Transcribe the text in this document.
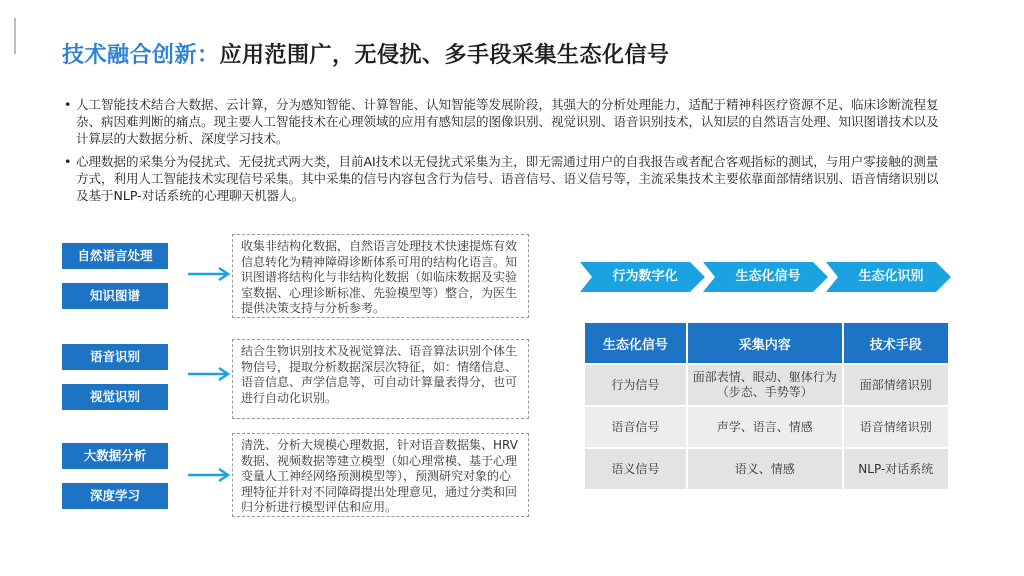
技术融合创新：应用范围广，无侵扰、多手段采集生态化信号
• 人工智能技术结合大数据、云计算，分为感知智能、计算智能、认知智能等发展阶段，其强大的分析处理能力，适配于精神科医疗资源不足、临床诊断流程复杂、病因难判断的痛点。现主要人工智能技术在心理领域的应用有感知层的图像识别、视觉识别、语音识别技术，认知层的自然语言处理、知识图谱技术以及计算层的大数据分析、深度学习技术。
• 心理数据的采集分为侵扰式、无侵扰式两大类，目前AI技术以无侵扰式采集为主，即无需通过用户的自我报告或者配合客观指标的测试，与用户零接触的测量方式，利用人工智能技术实现信号采集。其中采集的信号内容包含行为信号、语音信号、语义信号等，主流采集技术主要依靠面部情绪识别、语音情绪识别以及基于NLP-对话系统的心理聊天机器人。
自然语言处理
知识图谱
语音识别
视觉识别
大数据分析
深度学习
收集非结构化数据，自然语言处理技术快速提炼有效信息转化为精神障碍诊断体系可用的结构化语言。知识图谱将结构化与非结构化数据（如临床数据及实验室数据、心理诊断标准、先验模型等）整合，为医生提供决策支持与分析参考。
结合生物识别技术及视觉算法、语音算法识别个体生物信号，提取分析数据深层次特征，如：情绪信息、语音信息、声学信息等，可自动计算量表得分，也可进行自动化识别。
清洗、分析大规模心理数据，针对语音数据集、HRV数据、视频数据等建立模型（如心理常模、基于心理变量人工神经网络预测模型等），预测研究对象的心理特征并针对不同障碍提出处理意见，通过分类和回归分析进行模型评估和应用。
行为数字化	生态化信号	生态化识别
生态化信号	采集内容	技术手段
行为信号	面部表情、眼动、躯体行为（步态、手势等）	面部情绪识别
语音信号	声学、语言、情感	语音情绪识别
语义信号	语义、情感	NLP-对话系统
